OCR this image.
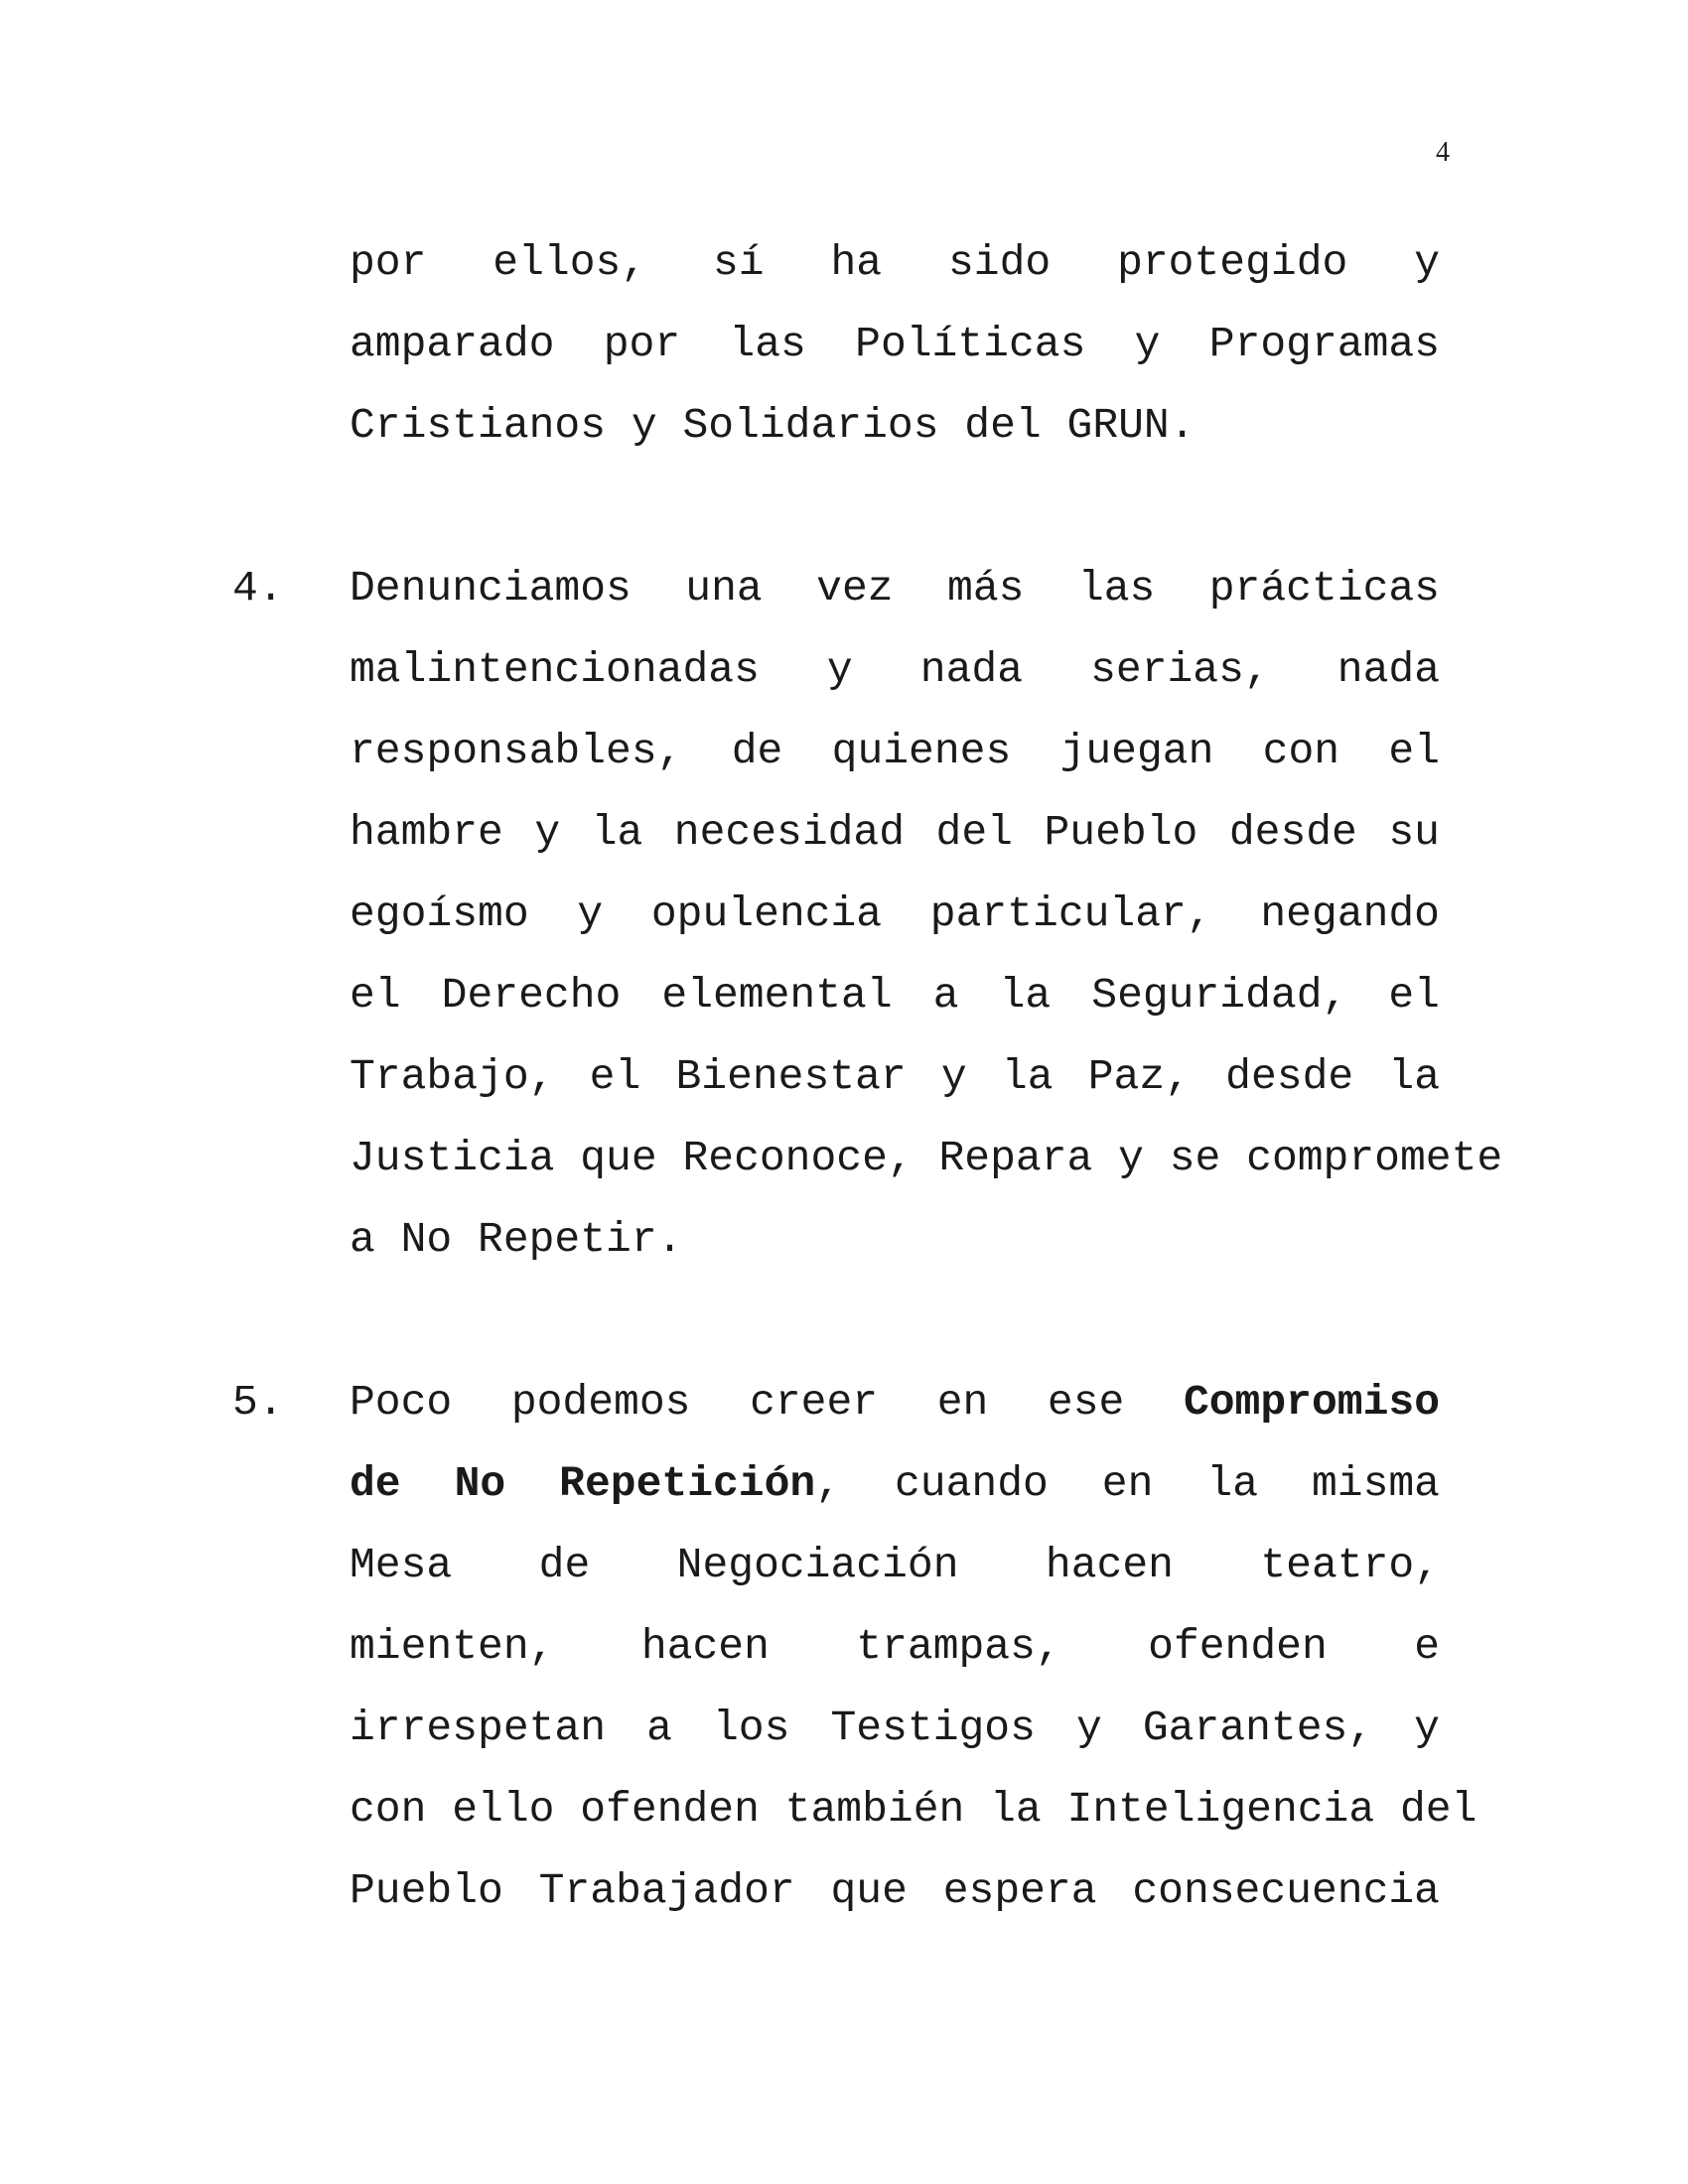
4
por ellos, sí ha sido protegido y
amparado por las Políticas y Programas
Cristianos y Solidarios del GRUN.
4. Denunciamos una vez más las prácticas
malintencionadas y nada serias, nada
responsables, de quienes juegan con el
hambre y la necesidad del Pueblo desde su
egoísmo y opulencia particular, negando
el Derecho elemental a la Seguridad, el
Trabajo, el Bienestar y la Paz, desde la
Justicia que Reconoce, Repara y se compromete
a No Repetir.
5. Poco podemos creer en ese Compromiso
de No Repetición, cuando en la misma
Mesa de Negociación hacen teatro,
mienten, hacen trampas, ofenden e
irrespetan a los Testigos y Garantes, y
con ello ofenden también la Inteligencia del
Pueblo Trabajador que espera consecuencia
